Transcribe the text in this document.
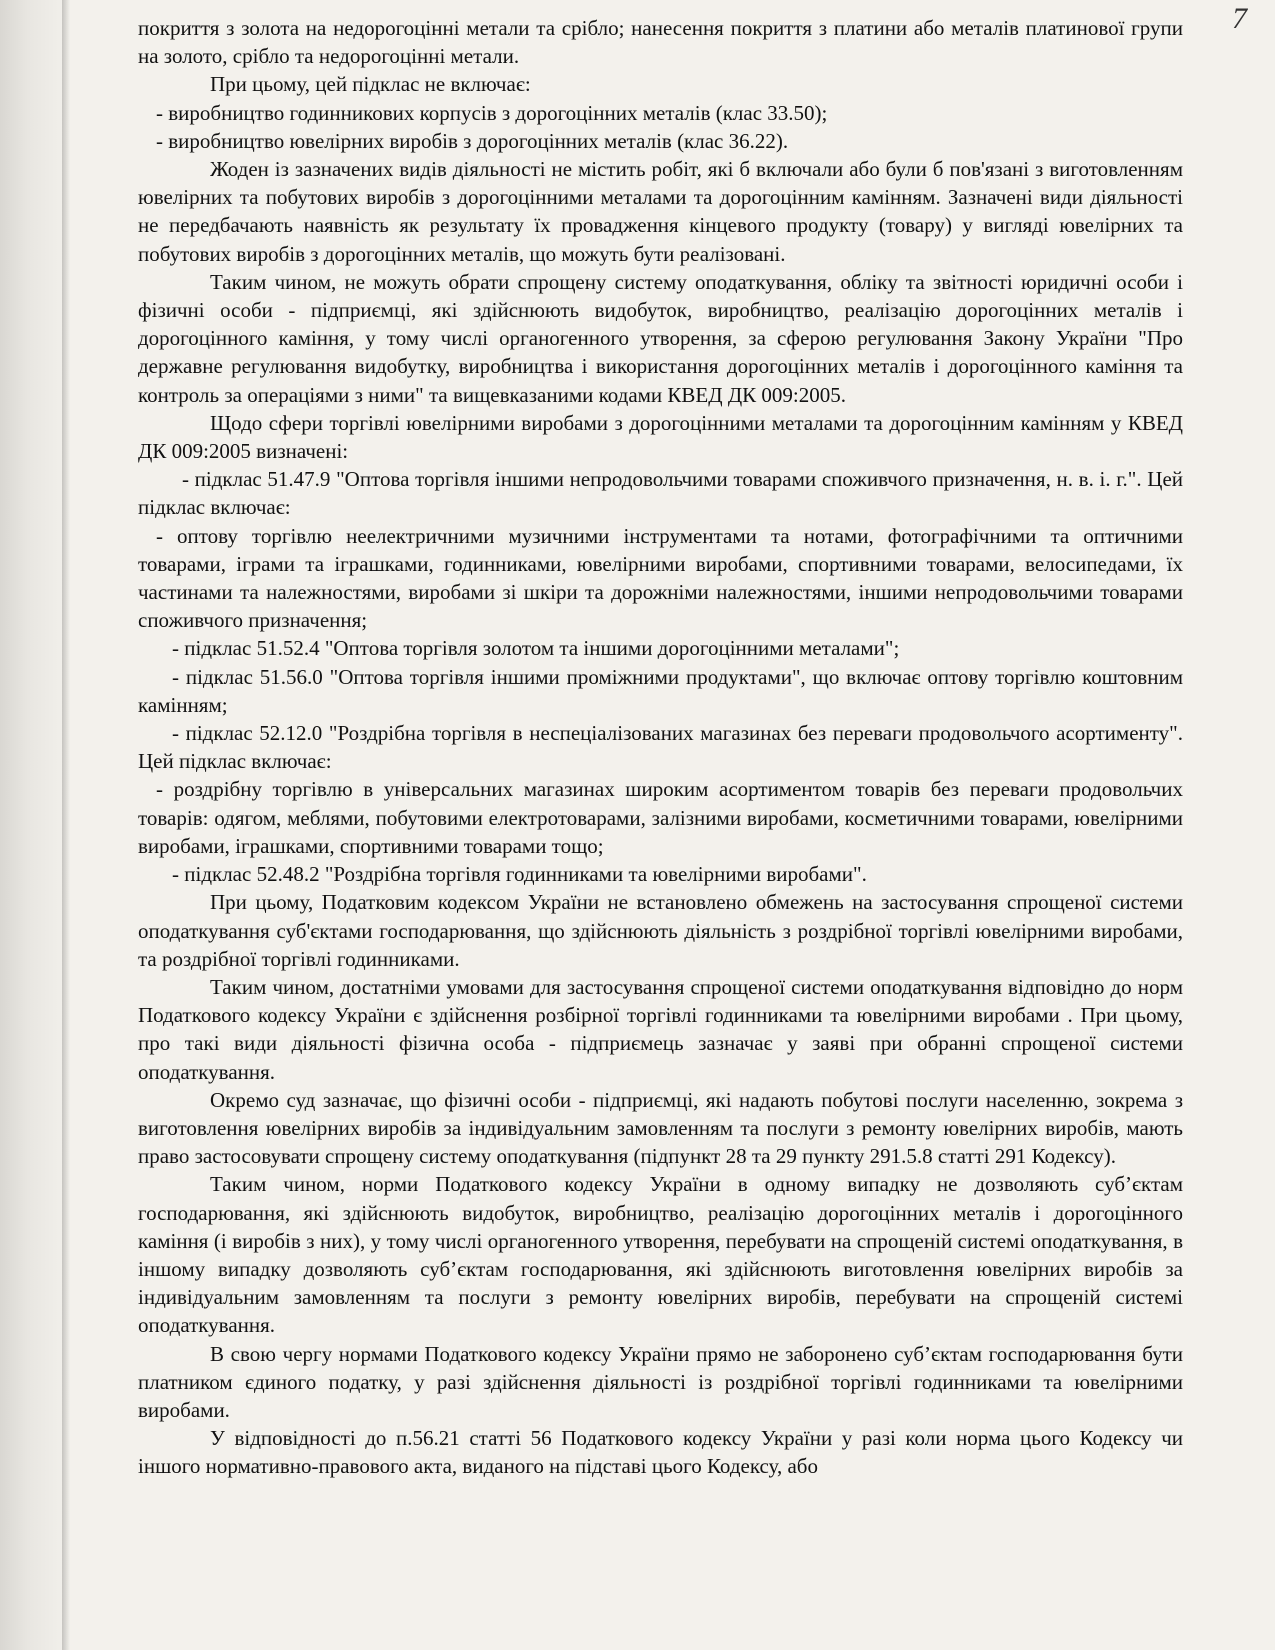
7

покриття з золота на недорогоцінні метали та срібло; нанесення покриття з платини або металів платинової групи на золото, срібло та недорогоцінні метали.

При цьому, цей підклас не включає:

- виробництво годинникових корпусів з дорогоцінних металів (клас 33.50);

- виробництво ювелірних виробів з дорогоцінних металів (клас 36.22).

Жоден із зазначених видів діяльності не містить робіт, які б включали або були б пов'язані з виготовленням ювелірних та побутових виробів з дорогоцінними металами та дорогоцінним камінням. Зазначені види діяльності не передбачають наявність як результату їх провадження кінцевого продукту (товару) у вигляді ювелірних та побутових виробів з дорогоцінних металів, що можуть бути реалізовані.

Таким чином, не можуть обрати спрощену систему оподаткування, обліку та звітності юридичні особи і фізичні особи - підприємці, які здійснюють видобуток, виробництво, реалізацію дорогоцінних металів і дорогоцінного каміння, у тому числі органогенного утворення, за сферою регулювання Закону України "Про державне регулювання видобутку, виробництва і використання дорогоцінних металів і дорогоцінного каміння та контроль за операціями з ними" та вищевказаними кодами КВЕД ДК 009:2005.

Щодо сфери торгівлі ювелірними виробами з дорогоцінними металами та дорогоцінним камінням у КВЕД ДК 009:2005 визначені:

- підклас 51.47.9 "Оптова торгівля іншими непродовольчими товарами споживчого призначення, н. в. і. г.". Цей підклас включає:

- оптову торгівлю неелектричними музичними інструментами та нотами, фотографічними та оптичними товарами, іграми та іграшками, годинниками, ювелірними виробами, спортивними товарами, велосипедами, їх частинами та належностями, виробами зі шкіри та дорожніми належностями, іншими непродовольчими товарами споживчого призначення;

- підклас 51.52.4 "Оптова торгівля золотом та іншими дорогоцінними металами";

- підклас 51.56.0 "Оптова торгівля іншими проміжними продуктами", що включає оптову торгівлю коштовним камінням;

- підклас 52.12.0 "Роздрібна торгівля в неспеціалізованих магазинах без переваги продовольчого асортименту". Цей підклас включає:

- роздрібну торгівлю в універсальних магазинах широким асортиментом товарів без переваги продовольчих товарів: одягом, меблями, побутовими електротоварами, залізними виробами, косметичними товарами, ювелірними виробами, іграшками, спортивними товарами тощо;

- підклас 52.48.2 "Роздрібна торгівля годинниками та ювелірними виробами".

При цьому, Податковим кодексом України не встановлено обмежень на застосування спрощеної системи оподаткування суб'єктами господарювання, що здійснюють діяльність з роздрібної торгівлі ювелірними виробами, та роздрібної торгівлі годинниками.

Таким чином, достатніми умовами для застосування спрощеної системи оподаткування відповідно до норм Податкового кодексу України є здійснення розбірної торгівлі годинниками та ювелірними виробами . При цьому, про такі види діяльності фізична особа - підприємець зазначає у заяві при обранні спрощеної системи оподаткування.

Окремо суд зазначає, що фізичні особи - підприємці, які надають побутові послуги населенню, зокрема з виготовлення ювелірних виробів за індивідуальним замовленням та послуги з ремонту ювелірних виробів, мають право застосовувати спрощену систему оподаткування (підпункт 28 та 29 пункту 291.5.8 статті 291 Кодексу).

Таким чином, норми Податкового кодексу України в одному випадку не дозволяють суб’єктам господарювання, які здійснюють видобуток, виробництво, реалізацію дорогоцінних металів і дорогоцінного каміння (і виробів з них), у тому числі органогенного утворення, перебувати на спрощеній системі оподаткування, в іншому випадку дозволяють суб’єктам господарювання, які здійснюють виготовлення ювелірних виробів за індивідуальним замовленням та послуги з ремонту ювелірних виробів, перебувати на спрощеній системі оподаткування.

В свою чергу нормами Податкового кодексу України прямо не заборонено суб’єктам господарювання бути платником єдиного податку, у разі здійснення діяльності із роздрібної торгівлі годинниками та ювелірними виробами.

У відповідності до п.56.21 статті 56 Податкового кодексу України у разі коли норма цього Кодексу чи іншого нормативно-правового акта, виданого на підставі цього Кодексу, або
